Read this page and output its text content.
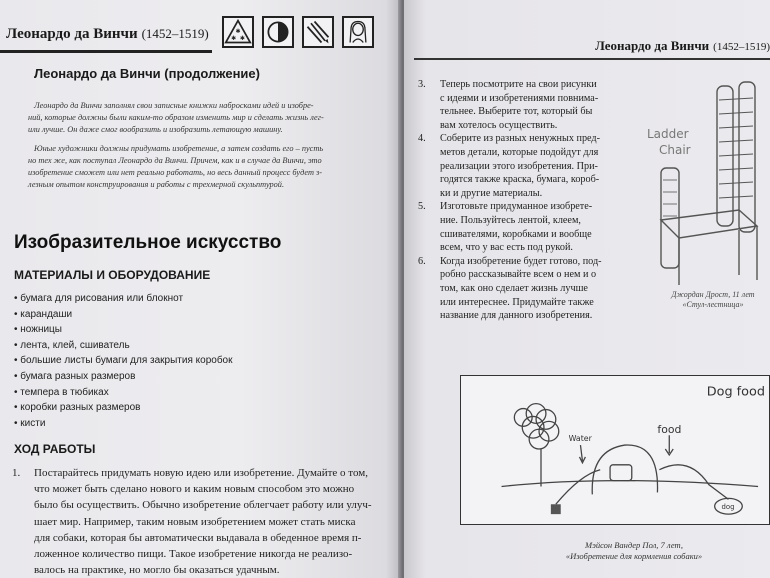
Леонардо да Винчи (1452–1519)	✱
✱ ✱
Леонардо да Винчи (продолжение)
Леонардо да Винчи заполнял свои записные книжки набросками идей и изобре-
ний, которые должны были каким-то образом изменить мир и сделать жизнь лег-
или лучше. Он даже смог вообразить и изобразить летающую машину.
Юные художники должны придумать изобретение, а затем создать его – пусть
но тех же, как поступал Леонардо да Винчи. Причем, как и в случае да Винчи, это
изобретение сможет или нет реально работать, но весь данный процесс будет з-
лезным опытом конструирования и работы с трехмерной скульптурой.
Изобразительное искусство
МАТЕРИАЛЫ И ОБОРУДОВАНИЕ
• бумага для рисования или блокнот
• карандаши
• ножницы
• лента, клей, сшиватель
• большие листы бумаги для закрытия коробок
• бумага разных размеров
• темпера в тюбиках
• коробки разных размеров
• кисти
ХОД РАБОТЫ
1.	Постарайтесь придумать новую идею или изобретение. Думайте о том,
что может быть сделано нового и каким новым способом это можно
было бы осуществить. Обычно изобретение облегчает работу или улуч-
шает мир. Например, таким новым изобретением может стать миска
для собаки, которая бы автоматически выдавала в обеденное время п-
ложенное количество пищи. Такое изобретение никогда не реализо-
валось на практике, но могло бы оказаться удачным.
Леонардо да Винчи (1452–1519)
3. Теперь посмотрите на свои рисунки
с идеями и изобретениями повнима-
тельнее. Выберите тот, который бы
вам хотелось осуществить.
4. Соберите из разных ненужных пред-
метов детали, которые подойдут для
реализации этого изобретения. При-
годятся также краска, бумага, короб-
ки и другие материалы.
5. Изготовьте придуманное изобрете-
ние. Пользуйтесь лентой, клеем,
сшивателями, коробками и вообще
всем, что у вас есть под рукой.
6. Когда изобретение будет готово, под-
робно рассказывайте всем о нем и о
том, как оно сделает жизнь лучше
или интереснее. Придумайте также
название для данного изобретения.
Ladder
Chair
Джордан Дрост, 11 лет
«Стул-лестница»
Dog food
Water
food
dog
Мэйсон Вандер Пол, 7 лет,
«Изобретение для кормления собаки»
